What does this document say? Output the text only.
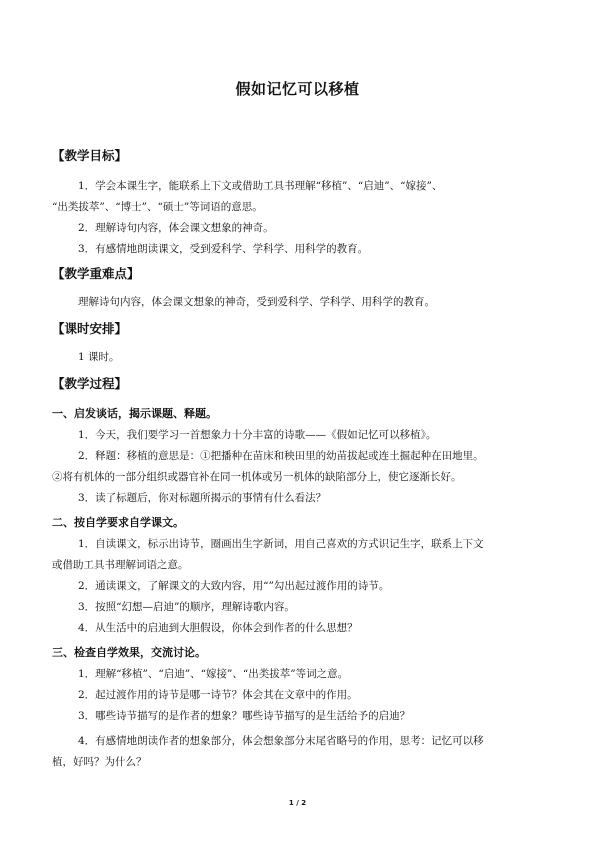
假如记忆可以移植
【教学目标】
1．学会本课生字，能联系上下文或借助工具书理解“移植”、“启迪”、“嫁接”、
“出类拔萃”、“博士”、“硕士”等词语的意思。
2．理解诗句内容，体会课文想象的神奇。
3．有感情地朗读课文，受到爱科学、学科学、用科学的教育。
【教学重难点】
理解诗句内容，体会课文想象的神奇，受到爱科学、学科学、用科学的教育。
【课时安排】
1 课时。
【教学过程】
一、启发谈话，揭示课题、释题。
1．今天，我们要学习一首想象力十分丰富的诗歌——《假如记忆可以移植》。
2．释题：移植的意思是：①把播种在苗床和秧田里的幼苗拔起或连土掘起种在田地里。
②将有机体的一部分组织或器官补在同一机体或另一机体的缺陷部分上，使它逐渐长好。
3．读了标题后，你对标题所揭示的事情有什么看法？
二、按自学要求自学课文。
1．自读课文，标示出诗节，圈画出生字新词，用自己喜欢的方式识记生字，联系上下文
或借助工具书理解词语之意。
2．通读课文，了解课文的大致内容，用“”勾出起过渡作用的诗节。
3．按照“幻想—启迪”的顺序，理解诗歌内容。
4．从生活中的启迪到大胆假设，你体会到作者的什么思想？
三、检查自学效果，交流讨论。
1．理解“移植”、“启迪”、“嫁接”、“出类拔萃”等词之意。
2．起过渡作用的诗节是哪一诗节？体会其在文章中的作用。
3．哪些诗节描写的是作者的想象？哪些诗节描写的是生活给予的启迪？
4．有感情地朗读作者的想象部分，体会想象部分末尾省略号的作用，思考：记忆可以移
植，好吗？为什么？
1 / 2
